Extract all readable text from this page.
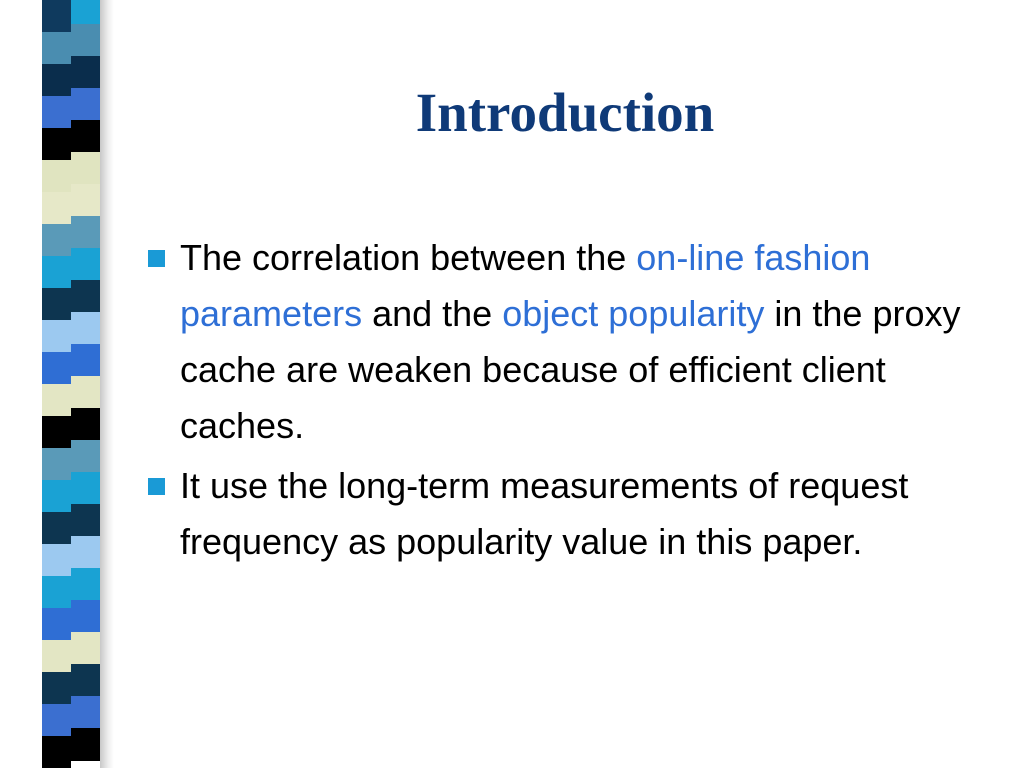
Introduction
The correlation between the on-line fashion parameters and the object popularity in the proxy cache are weaken because of efficient client caches.
It use the long-term measurements of request frequency as popularity value in this paper.
